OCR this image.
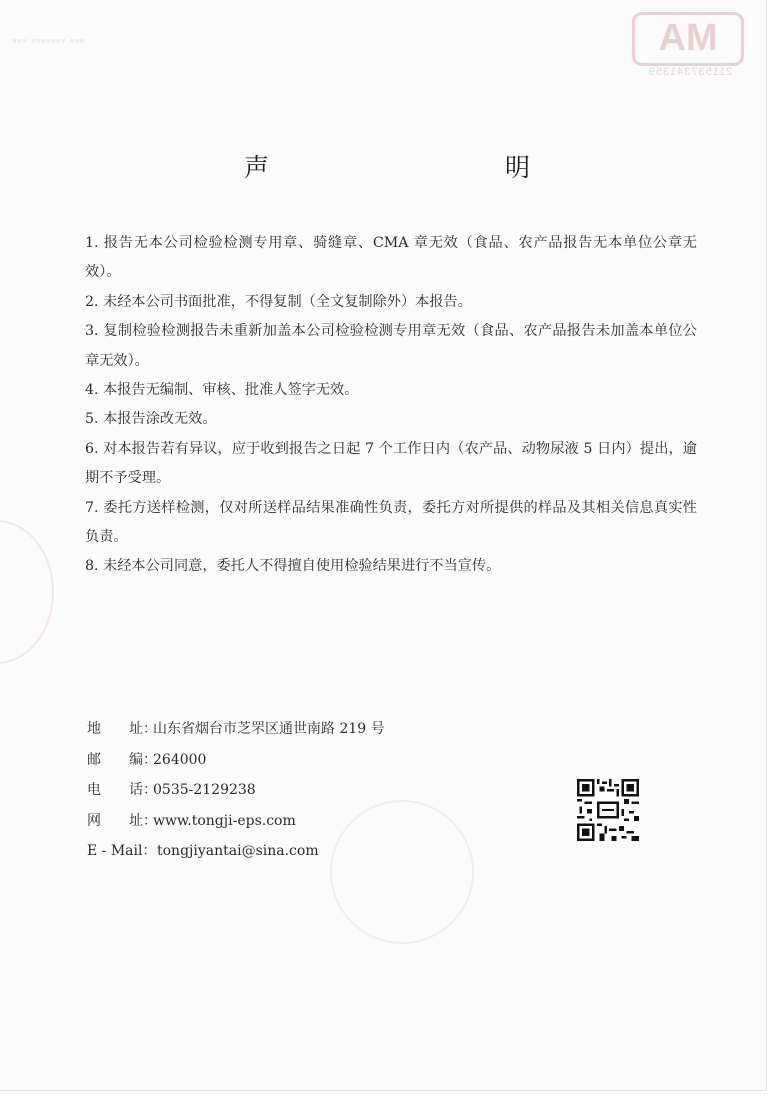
▪▪▪ ▪▪▪▪▪▪▪ ▪▪▪	MA
211537341359
声　　明
1. 报告无本公司检验检测专用章、骑缝章、CMA 章无效（食品、农产品报告无本单位公章无效）。
2. 未经本公司书面批准，不得复制（全文复制除外）本报告。
3. 复制检验检测报告未重新加盖本公司检验检测专用章无效（食品、农产品报告未加盖本单位公章无效）。
4. 本报告无编制、审核、批准人签字无效。
5. 本报告涂改无效。
6. 对本报告若有异议，应于收到报告之日起 7 个工作日内（农产品、动物尿液 5 日内）提出，逾期不予受理。
7. 委托方送样检测，仅对所送样品结果准确性负责，委托方对所提供的样品及其相关信息真实性负责。
8. 未经本公司同意，委托人不得擅自使用检验结果进行不当宣传。
地　　址：
山东省烟台市芝罘区通世南路 219 号
邮　　编：
264000
电　　话：
0535-2129238
网　　址：
www.tongji-eps.com
E - Mail： tongjiyantai@sina.com
